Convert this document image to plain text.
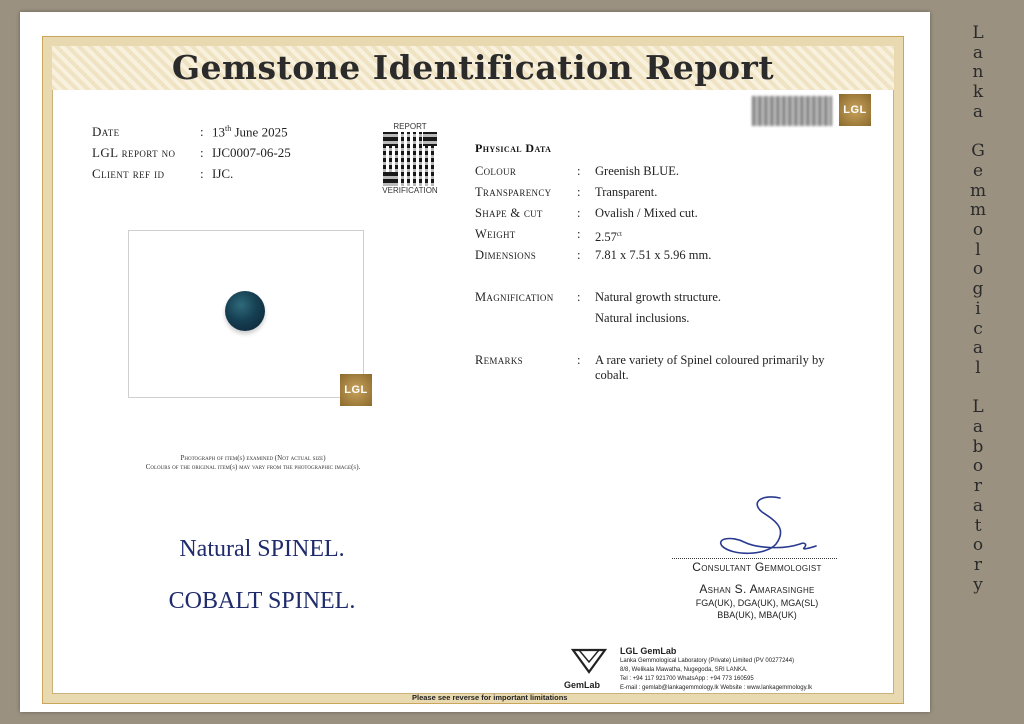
Gemstone Identification Report
Date	: 13th June 2025
LGL report no	: IJC0007-06-25
Client ref id	: IJC.
REPORT
VERIFICATION
LGL
Photograph of item(s) examined (Not actual size)
Colours of the original item(s) may vary from the photographic image(s).
Natural SPINEL.
COBALT SPINEL.
LGL
Physical Data
Colour	: Greenish BLUE.
Transparency : Transparent.
Shape & cut	: Ovalish / Mixed cut.
Weight	: $2.57^{ct}$
Dimensions	: 7.81 x 7.51 x 5.96 mm.
Magnification : Natural growth structure.
Natural inclusions.
Remarks	: A rare variety of Spinel coloured primarily by cobalt.
Consultant Gemmologist
Ashan S. Amarasinghe
FGA(UK), DGA(UK), MGA(SL)
BBA(UK), MBA(UK)
Please see reverse for important limitations
GemLab
LGL GemLab
Lanka Gemmological Laboratory (Private) Limited (PV 00277244)
8/8, Welikala Mawatha, Nugegoda, SRI LANKA.
Tel : +94 117 921700 WhatsApp : +94 773 160595
E-mail : gemlab@lankagemmology.lk Website : www.lankagemmology.lk
L
a
n
k
a

G
e
m
m
o
l
o
g
i
c
a
l

L
a
b
o
r
a
t
o
r
y
